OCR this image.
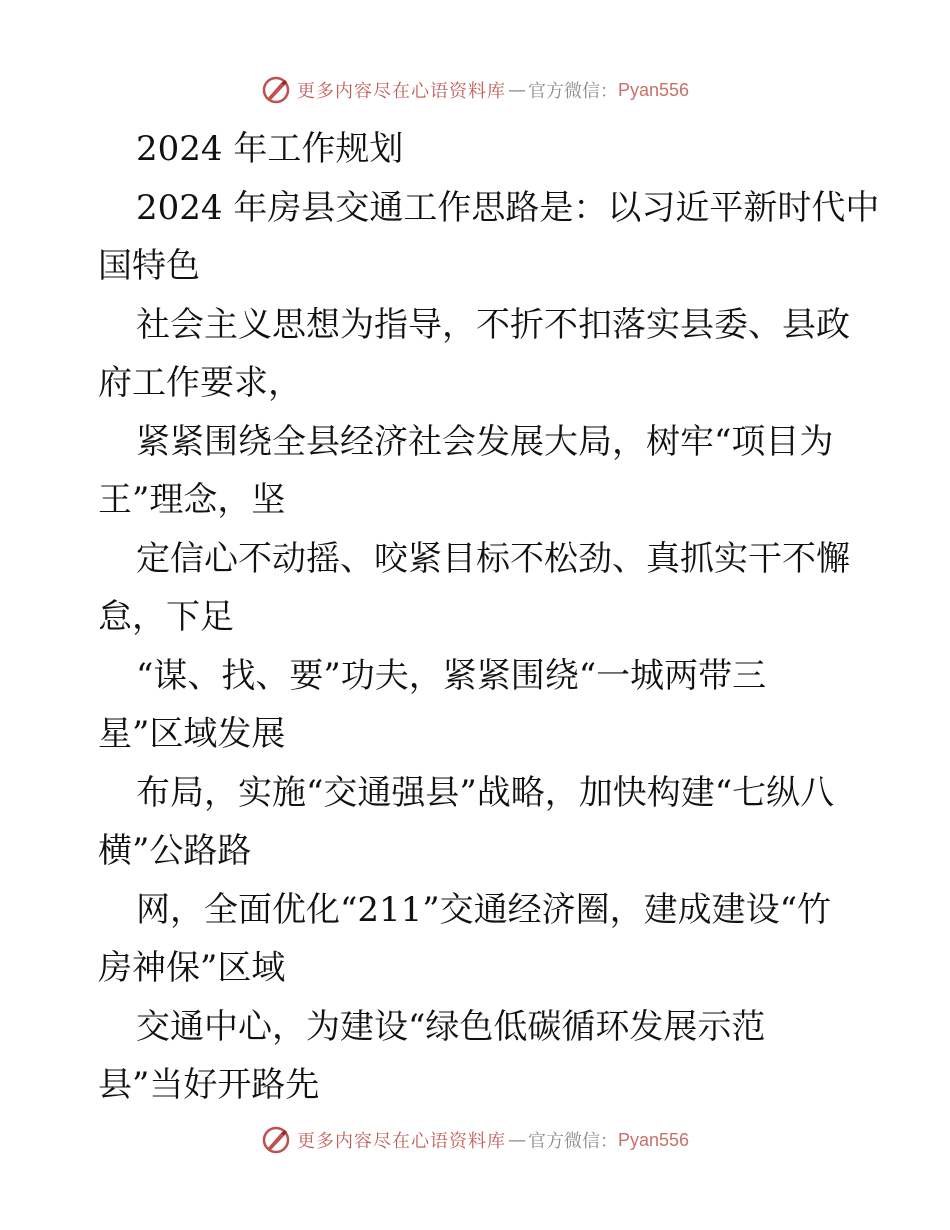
更多内容尽在心语资料库 — 官方微信： Pyan556
2024 年工作规划
2024 年房县交通工作思路是：以习近平新时代中
国特色
社会主义思想为指导，不折不扣落实县委、县政
府工作要求，
紧紧围绕全县经济社会发展大局，树牢“项目为
王”理念，坚
定信心不动摇、咬紧目标不松劲、真抓实干不懈
怠，下足
“谋、找、要”功夫，紧紧围绕“一城两带三
星”区域发展
布局，实施“交通强县”战略，加快构建“七纵八
横”公路路
网，全面优化“211”交通经济圈，建成建设“竹
房神保”区域
交通中心，为建设“绿色低碳循环发展示范
县”当好开路先
更多内容尽在心语资料库 — 官方微信： Pyan556
